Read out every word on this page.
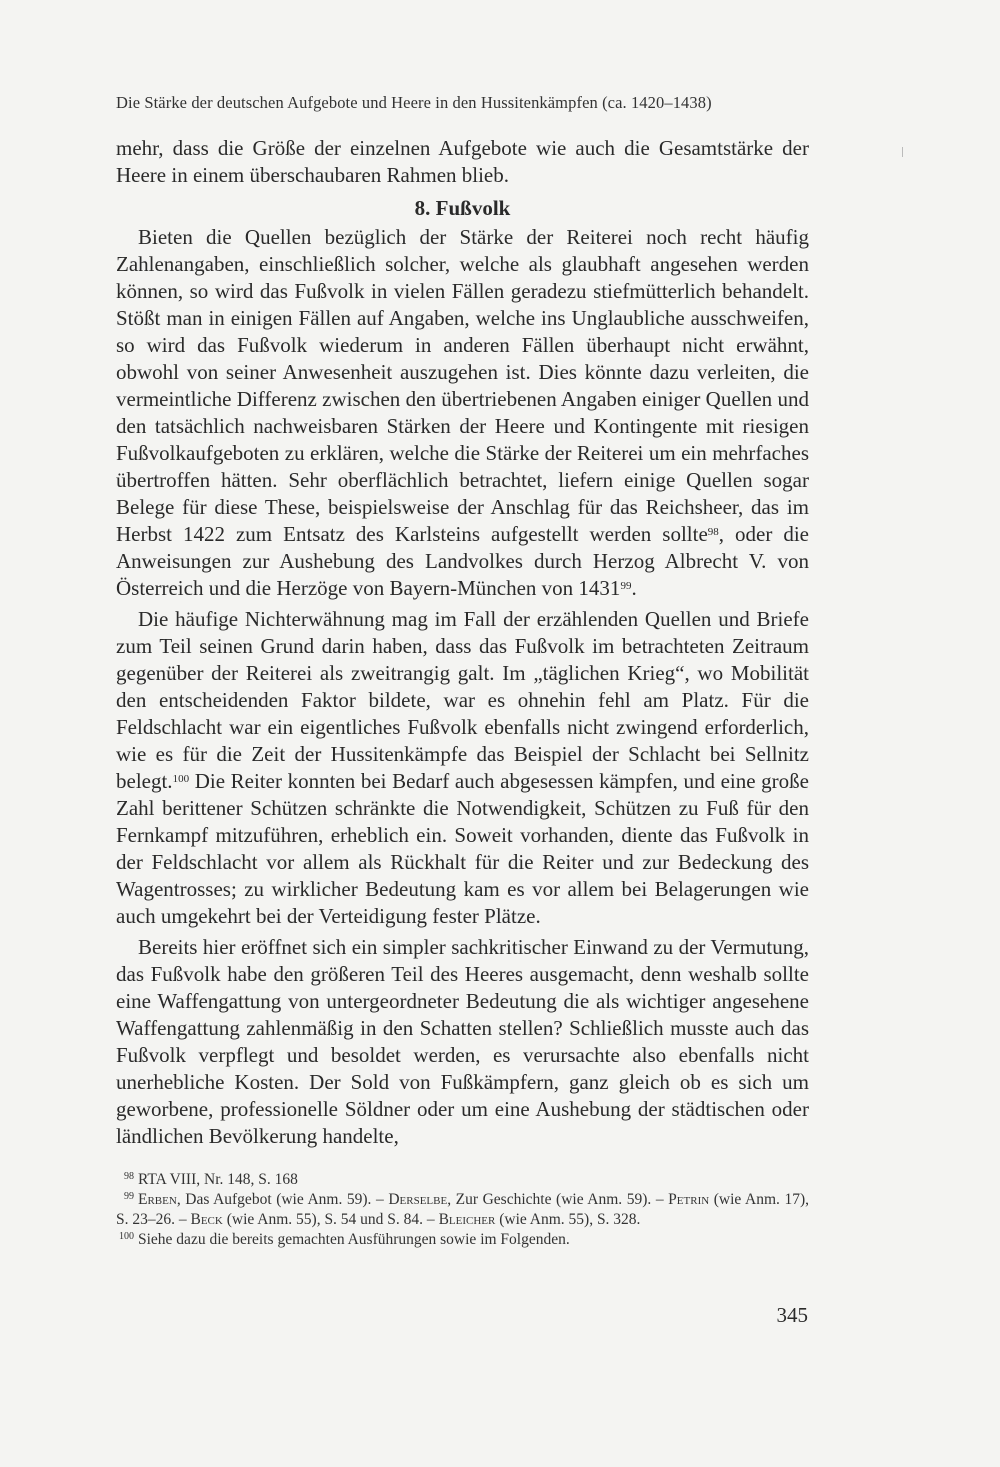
Die Stärke der deutschen Aufgebote und Heere in den Hussitenkämpfen (ca. 1420–1438)

mehr, dass die Größe der einzelnen Aufgebote wie auch die Gesamtstärke der Heere in einem überschaubaren Rahmen blieb.

8. Fußvolk

Bieten die Quellen bezüglich der Stärke der Reiterei noch recht häufig Zahlenangaben, einschließlich solcher, welche als glaubhaft angesehen werden können, so wird das Fußvolk in vielen Fällen geradezu stiefmütterlich behandelt. Stößt man in einigen Fällen auf Angaben, welche ins Unglaubliche ausschweifen, so wird das Fußvolk wiederum in anderen Fällen überhaupt nicht erwähnt, obwohl von seiner Anwesenheit auszugehen ist. Dies könnte dazu verleiten, die vermeintliche Differenz zwischen den übertriebenen Angaben einiger Quellen und den tatsächlich nachweisbaren Stärken der Heere und Kontingente mit riesigen Fußvolkaufgeboten zu erklären, welche die Stärke der Reiterei um ein mehrfaches übertroffen hätten. Sehr oberflächlich betrachtet, liefern einige Quellen sogar Belege für diese These, beispielsweise der Anschlag für das Reichsheer, das im Herbst 1422 zum Entsatz des Karlsteins aufgestellt werden sollte$^{98}$, oder die Anweisungen zur Aushebung des Landvolkes durch Herzog Albrecht V. von Österreich und die Herzöge von Bayern-München von 1431$^{99}$.

Die häufige Nichterwähnung mag im Fall der erzählenden Quellen und Briefe zum Teil seinen Grund darin haben, dass das Fußvolk im betrachteten Zeitraum gegenüber der Reiterei als zweitrangig galt. Im „täglichen Krieg“, wo Mobilität den entscheidenden Faktor bildete, war es ohnehin fehl am Platz. Für die Feldschlacht war ein eigentliches Fußvolk ebenfalls nicht zwingend erforderlich, wie es für die Zeit der Hussitenkämpfe das Beispiel der Schlacht bei Sellnitz belegt.$^{100}$ Die Reiter konnten bei Bedarf auch abgesessen kämpfen, und eine große Zahl berittener Schützen schränkte die Notwendigkeit, Schützen zu Fuß für den Fernkampf mitzuführen, erheblich ein. Soweit vorhanden, diente das Fußvolk in der Feldschlacht vor allem als Rückhalt für die Reiter und zur Bedeckung des Wagentrosses; zu wirklicher Bedeutung kam es vor allem bei Belagerungen wie auch umgekehrt bei der Verteidigung fester Plätze.

Bereits hier eröffnet sich ein simpler sachkritischer Einwand zu der Vermutung, das Fußvolk habe den größeren Teil des Heeres ausgemacht, denn weshalb sollte eine Waffengattung von untergeordneter Bedeutung die als wichtiger angesehene Waffengattung zahlenmäßig in den Schatten stellen? Schließlich musste auch das Fußvolk verpflegt und besoldet werden, es verursachte also ebenfalls nicht unerhebliche Kosten. Der Sold von Fußkämpfern, ganz gleich ob es sich um geworbene, professionelle Söldner oder um eine Aushebung der städtischen oder ländlichen Bevölkerung handelte,

98 RTA VIII, Nr. 148, S. 168
99 Erben, Das Aufgebot (wie Anm. 59). – Derselbe, Zur Geschichte (wie Anm. 59). – Petrin (wie Anm. 17), S. 23–26. – Beck (wie Anm. 55), S. 54 und S. 84. – Bleicher (wie Anm. 55), S. 328.
100 Siehe dazu die bereits gemachten Ausführungen sowie im Folgenden.
345
